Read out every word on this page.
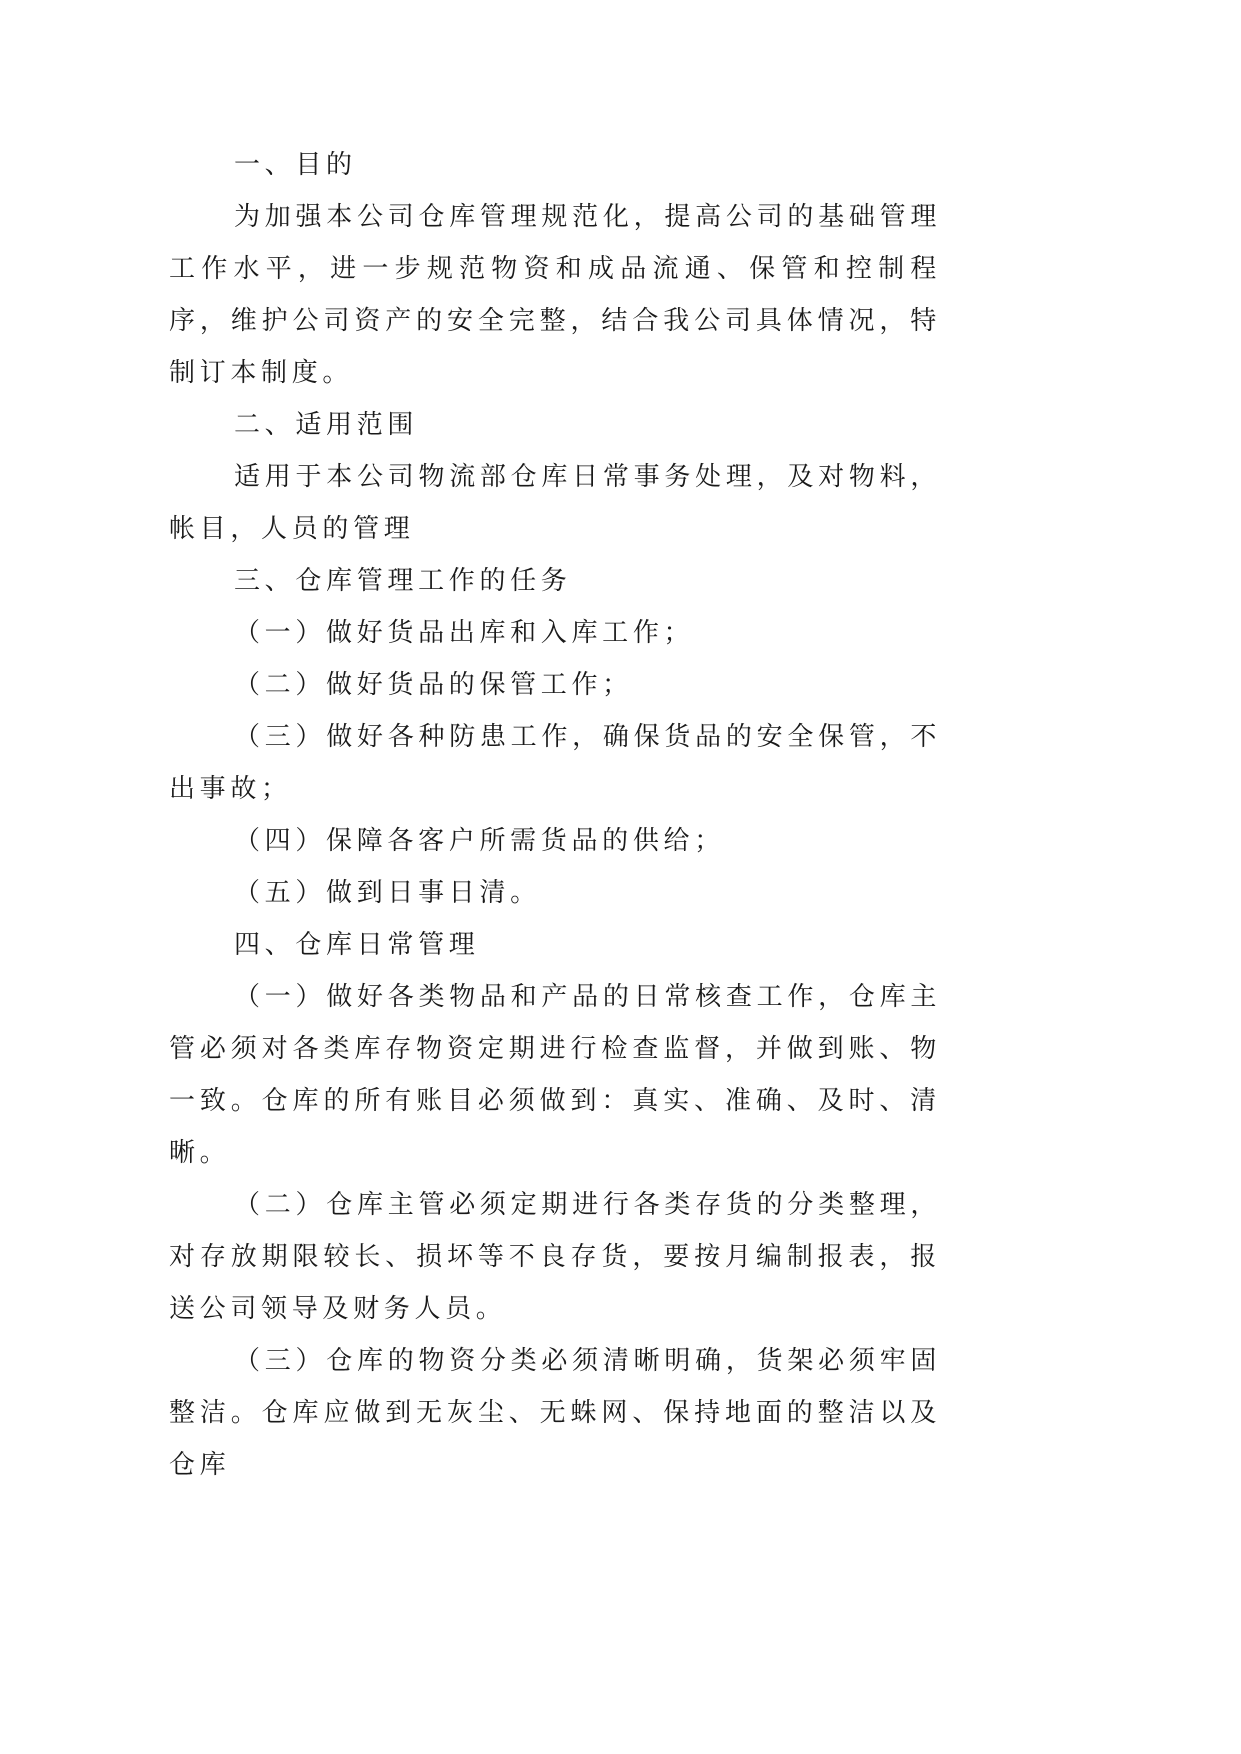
一、目的

为加强本公司仓库管理规范化，提高公司的基础管理工作水平，进一步规范物资和成品流通、保管和控制程序，维护公司资产的安全完整，结合我公司具体情况，特制订本制度。

二、适用范围

适用于本公司物流部仓库日常事务处理，及对物料，帐目，人员的管理

三、仓库管理工作的任务

（一）做好货品出库和入库工作；

（二）做好货品的保管工作；

（三）做好各种防患工作，确保货品的安全保管，不出事故；

（四）保障各客户所需货品的供给；

（五）做到日事日清。

四、仓库日常管理

（一）做好各类物品和产品的日常核查工作，仓库主管必须对各类库存物资定期进行检查监督，并做到账、物一致。仓库的所有账目必须做到：真实、准确、及时、清晰。

（二）仓库主管必须定期进行各类存货的分类整理，对存放期限较长、损坏等不良存货，要按月编制报表，报送公司领导及财务人员。

（三）仓库的物资分类必须清晰明确，货架必须牢固整洁。仓库应做到无灰尘、无蛛网、保持地面的整洁以及仓库
